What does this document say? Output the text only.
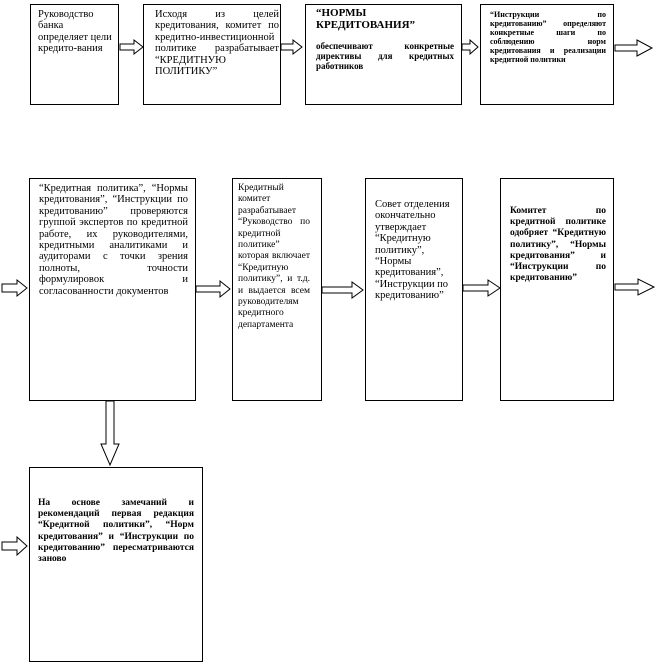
Руководство банка определяет цели кредито-вания
Исходя из целей кредитования, комитет по кредитно-инвестиционной политике разрабатывает “КРЕДИТНУЮ ПОЛИТИКУ”
“НОРМЫ КРЕДИТОВАНИЯ”
обеспечивают конкретные директивы для кредитных работников
“Инструкции по кредитованию” определяют конкретные шаги по соблюдению норм кредитования и реализации кредитной политики
“Кредитная политика”, “Нормы кредитования”, “Инструкции по кредитованию” проверяются группой экспертов по кредитной работе, их руководителями, кредитными аналитиками и аудиторами с точки зрения полноты, точности формулировок и согласованности документов
Кредитный комитет разрабатывает “Руководство по кредитной политике” которая включает “Кредитную политику”, и т.д. и выдается всем руководителям кредитного департамента
Совет отделения окончательно утверждает “Кредитную политику”, “Нормы кредитования”, “Инструкции по кредитованию”
Комитет по кредитной политике одобряет “Кредитную политику”, “Нормы кредитования” и “Инструкции по кредитованию”
На основе замечаний и рекомендаций первая редакция “Кредитной политики”, “Норм кредитования” и “Инструкции по кредитованию” пересматриваются заново
